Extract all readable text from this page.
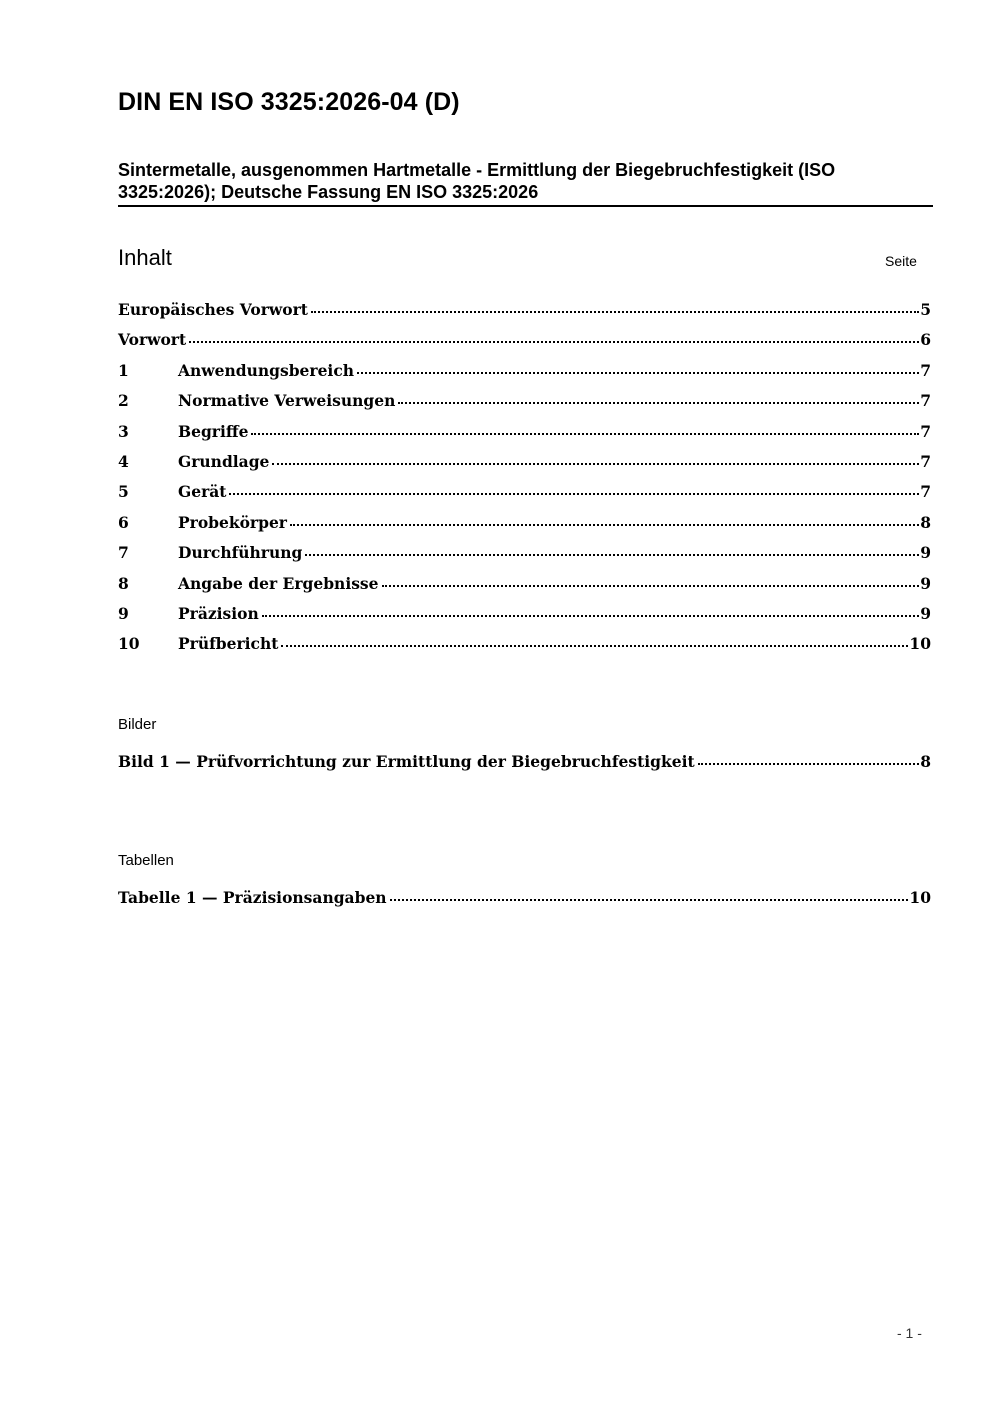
DIN EN ISO 3325:2026-04 (D)
Sintermetalle, ausgenommen Hartmetalle - Ermittlung der Biegebruchfestigkeit (ISO 3325:2026); Deutsche Fassung EN ISO 3325:2026
Inhalt	Seite
Europäisches Vorwort	5
Vorwort	6
1	Anwendungsbereich	7
2	Normative Verweisungen	7
3	Begriffe	7
4	Grundlage	7
5	Gerät	7
6	Probekörper	8
7	Durchführung	9
8	Angabe der Ergebnisse	9
9	Präzision	9
10	Prüfbericht	10
Bilder
Bild 1 — Prüfvorrichtung zur Ermittlung der Biegebruchfestigkeit	8
Tabellen
Tabelle 1 — Präzisionsangaben	10
- 1 -
